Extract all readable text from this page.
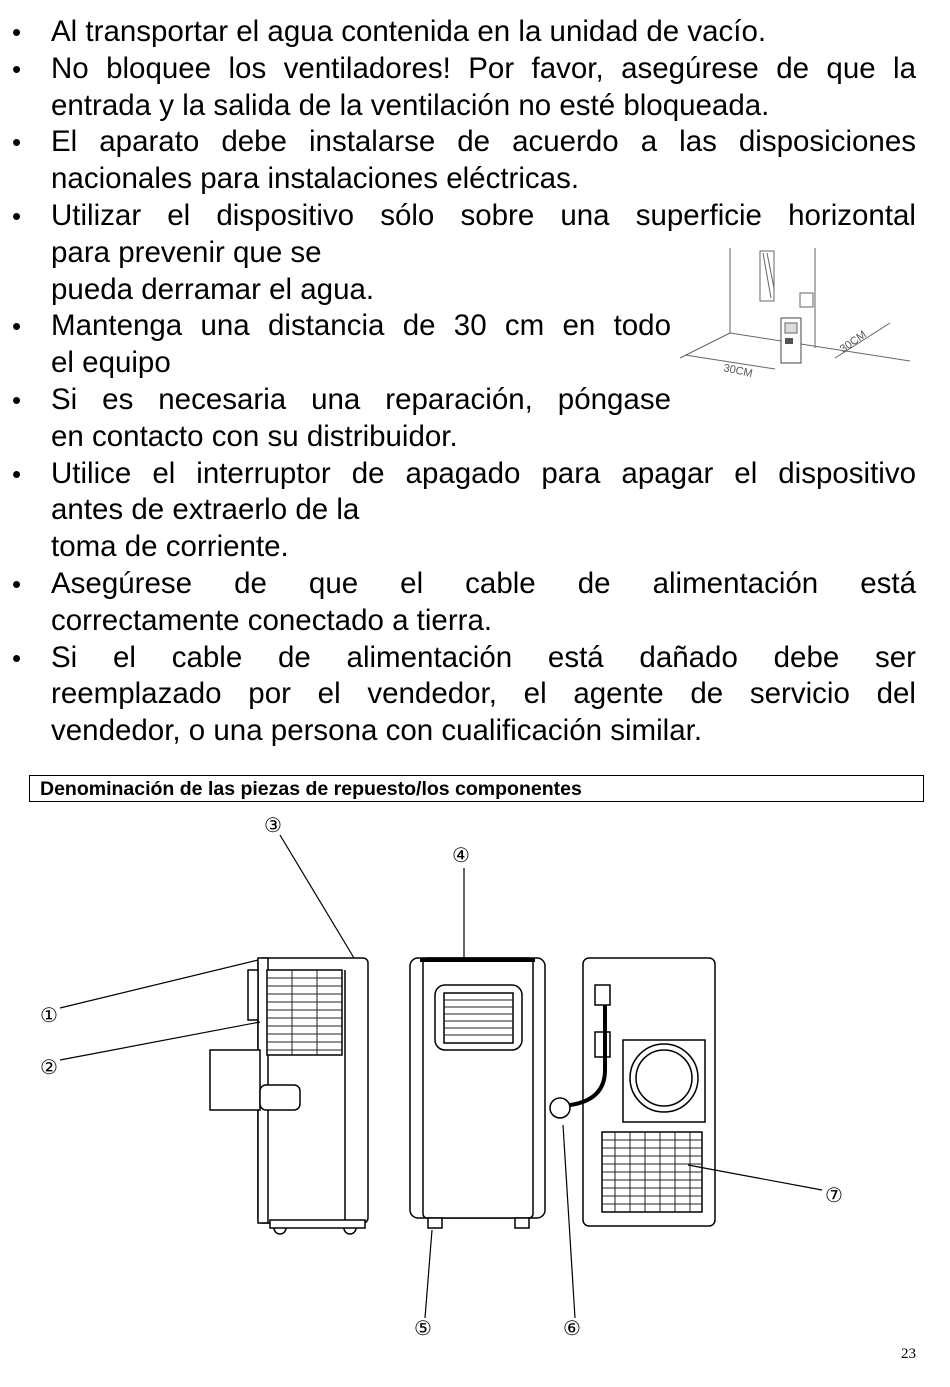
• Al transportar el agua contenida en la unidad de vacío.
• No bloquee los ventiladores! Por favor, asegúrese de que la
entrada y la salida de la ventilación no esté bloqueada.
• El aparato debe instalarse de acuerdo a las disposiciones
nacionales para instalaciones eléctricas.
• Utilizar el dispositivo sólo sobre una superficie horizontal
para prevenir que se
pueda derramar el agua.
• Mantenga una distancia de 30 cm en todo
el equipo
• Si es necesaria una reparación, póngase
en contacto con su distribuidor.
• Utilice el interruptor de apagado para apagar el dispositivo
antes de extraerlo de la
toma de corriente.
• Asegúrese de que el cable de alimentación está
correctamente conectado a tierra.
• Si el cable de alimentación está dañado debe ser
reemplazado por el vendedor, el agente de servicio del
vendedor, o una persona con cualificación similar.
30CM
30CM
Denominación de las piezas de repuesto/los componentes
①
②
③
④
⑤	⑥
⑦
23
